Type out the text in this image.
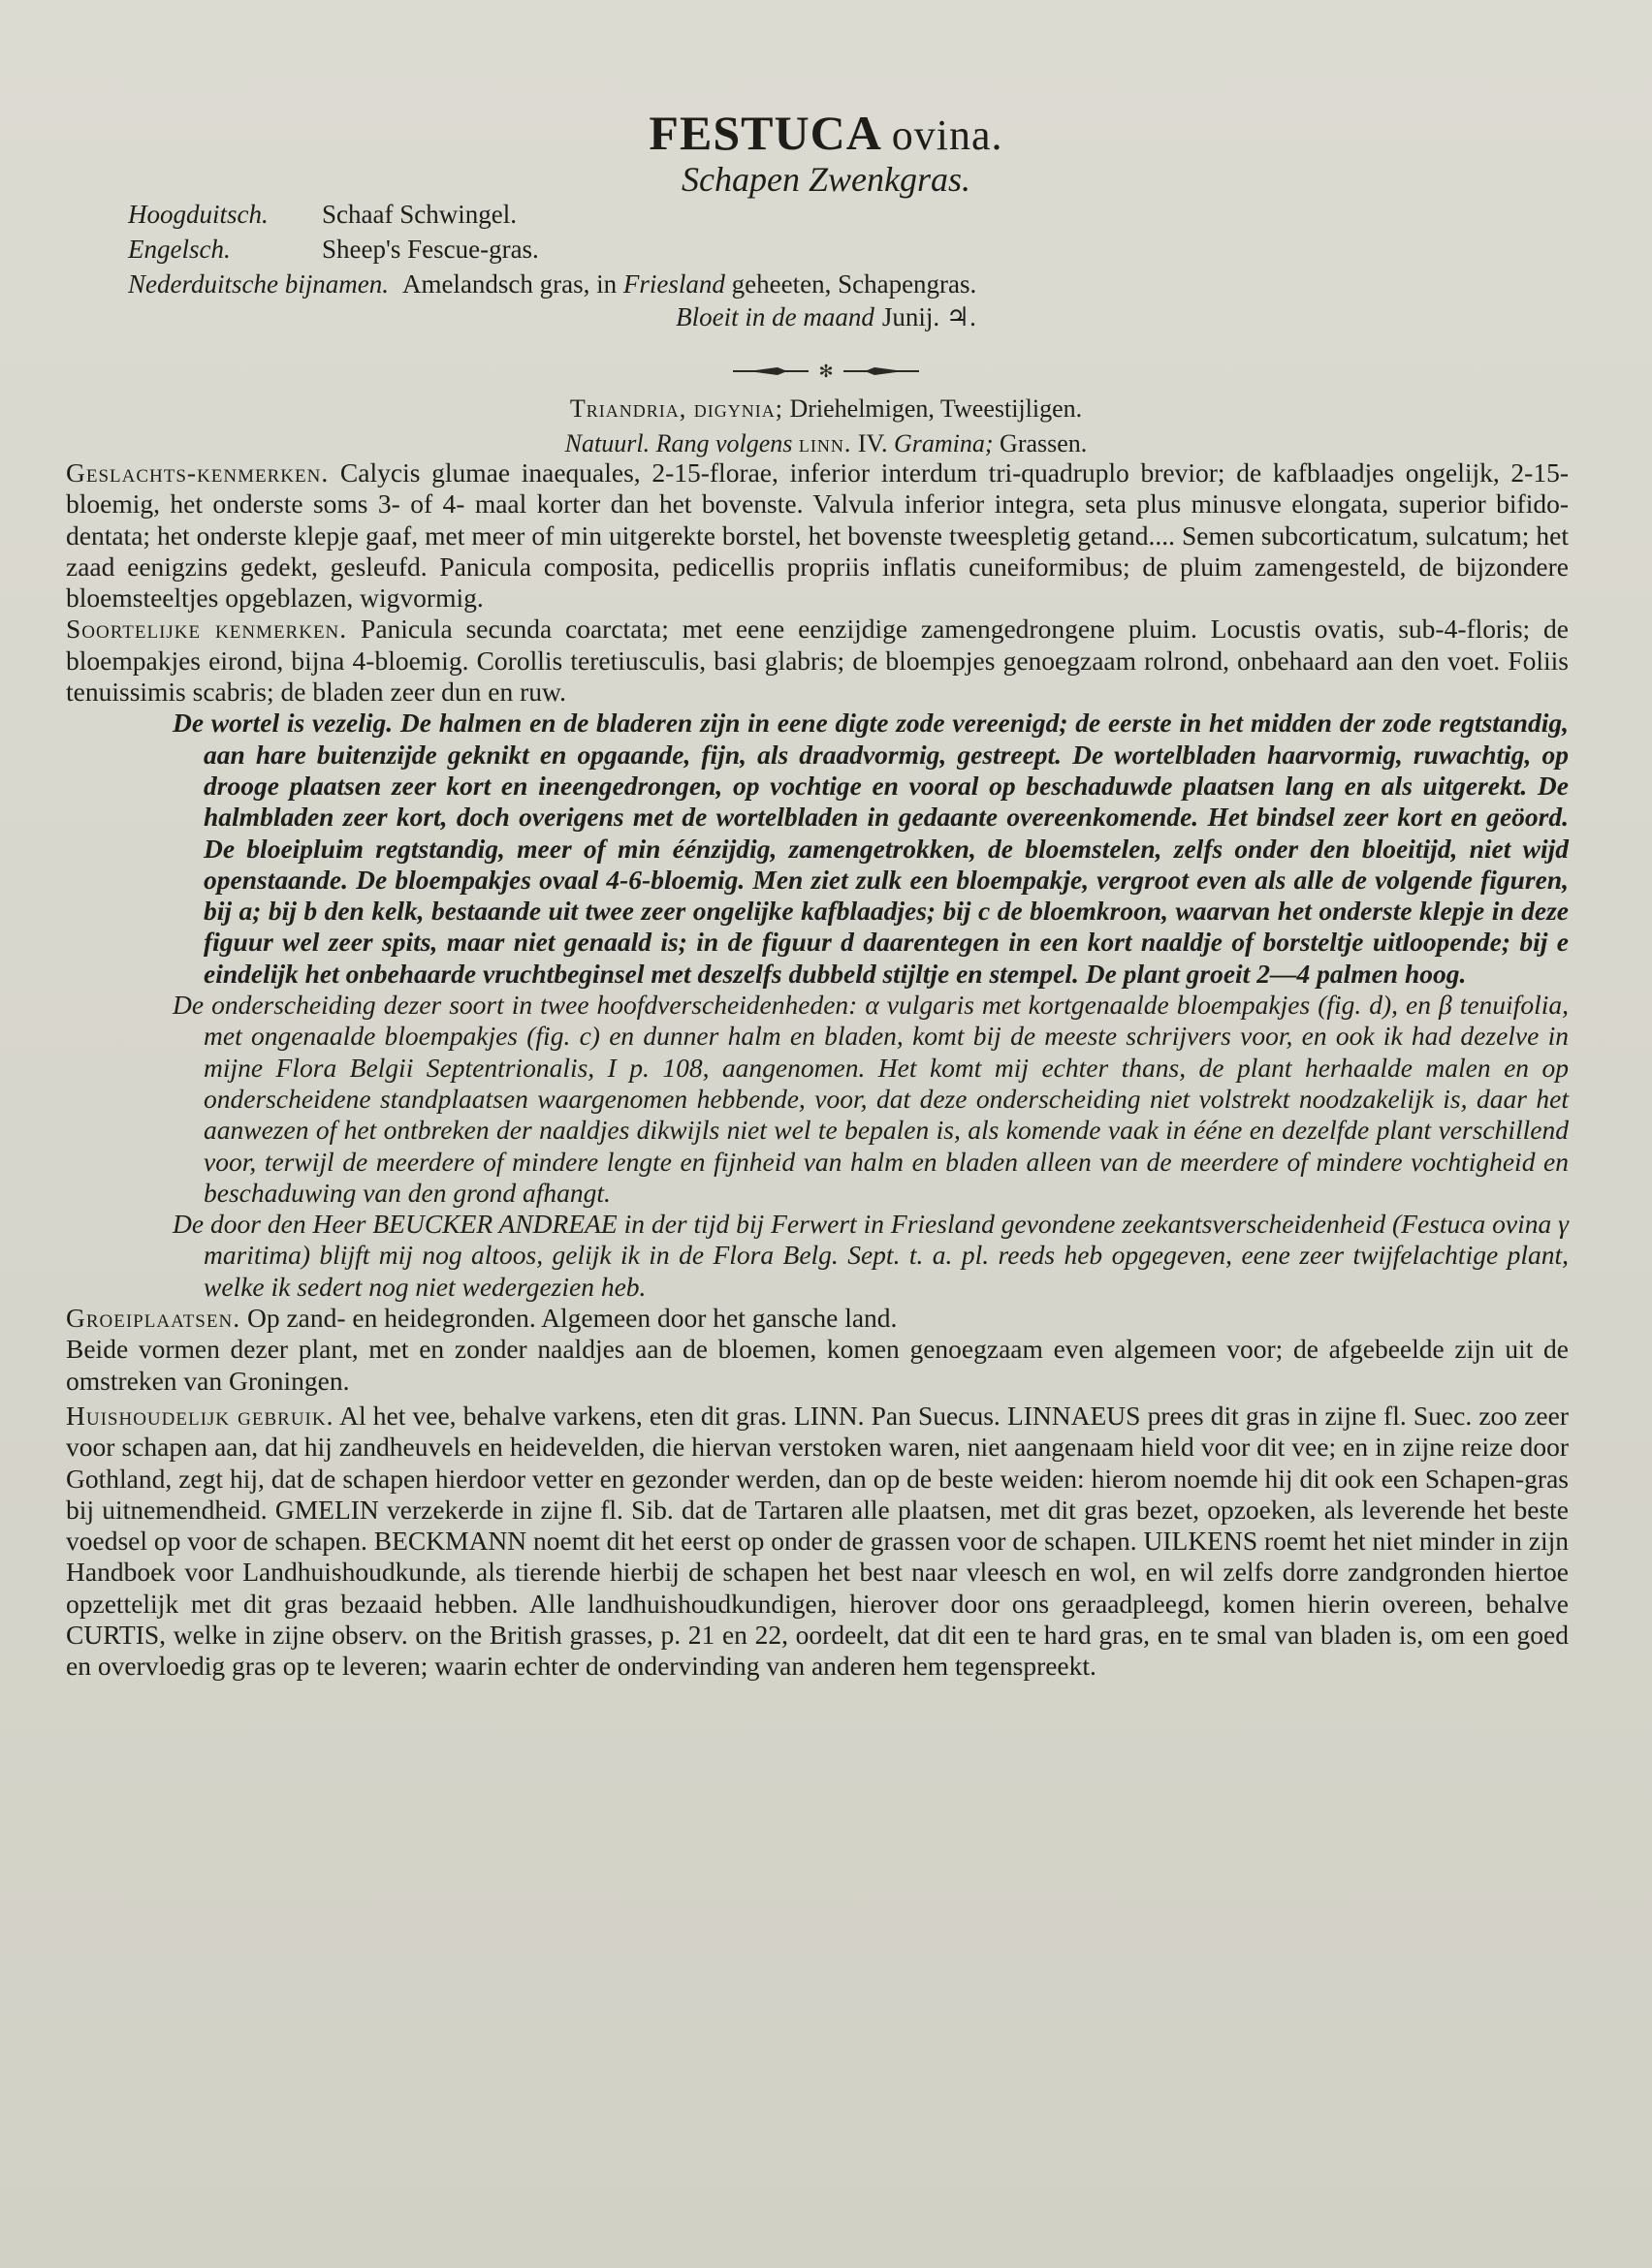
FESTUCA ovina.
Schapen Zwenkgras.
Hoogduitsch. Schaaf Schwingel.
Engelsch.	Sheep's Fescue-gras.
Nederduitsche bijnamen. Amelandsch gras, in Friesland geheeten, Schapengras.
Bloeit in de maand Junij. ♃.
✻
Triandria, digynia; Driehelmigen, Tweestijligen.
Natuurl. Rang volgens linn. IV. Gramina; Grassen.

Geslachts-kenmerken. Calycis glumae inaequales, 2-15-florae, inferior interdum tri-quadruplo brevior; de kafblaadjes ongelijk, 2-15-bloemig, het onderste soms 3- of 4- maal korter dan het bovenste. Valvula inferior integra, seta plus minusve elongata, superior bifido-dentata; het onderste klepje gaaf, met meer of min uitgerekte borstel, het bovenste tweespletig getand.... Semen subcorticatum, sulcatum; het zaad eenigzins gedekt, gesleufd. Panicula composita, pedicellis propriis inflatis cuneiformibus; de pluim zamengesteld, de bijzondere bloemsteeltjes opgeblazen, wigvormig.

Soortelijke kenmerken. Panicula secunda coarctata; met eene eenzijdige zamengedrongene pluim. Locustis ovatis, sub-4-floris; de bloempakjes eirond, bijna 4-bloemig. Corollis teretiusculis, basi glabris; de bloempjes genoegzaam rolrond, onbehaard aan den voet. Foliis tenuissimis scabris; de bladen zeer dun en ruw.

De wortel is vezelig. De halmen en de bladeren zijn in eene digte zode vereenigd; de eerste in het midden der zode regtstandig, aan hare buitenzijde geknikt en opgaande, fijn, als draadvormig, gestreept. De wortelbladen haarvormig, ruwachtig, op drooge plaatsen zeer kort en ineengedrongen, op vochtige en vooral op beschaduwde plaatsen lang en als uitgerekt. De halmbladen zeer kort, doch overigens met de wortelbladen in gedaante overeenkomende. Het bindsel zeer kort en geöord. De bloeipluim regtstandig, meer of min éénzijdig, zamengetrokken, de bloemstelen, zelfs onder den bloeitijd, niet wijd openstaande. De bloempakjes ovaal 4-6-bloemig. Men ziet zulk een bloempakje, vergroot even als alle de volgende figuren, bij a; bij b den kelk, bestaande uit twee zeer ongelijke kafblaadjes; bij c de bloemkroon, waarvan het onderste klepje in deze figuur wel zeer spits, maar niet genaald is; in de figuur d daarentegen in een kort naaldje of borsteltje uitloopende; bij e eindelijk het onbehaarde vruchtbeginsel met deszelfs dubbeld stijltje en stempel. De plant groeit 2—4 palmen hoog.

De onderscheiding dezer soort in twee hoofdverscheidenheden: α vulgaris met kortgenaalde bloempakjes (fig. d), en β tenuifolia, met ongenaalde bloempakjes (fig. c) en dunner halm en bladen, komt bij de meeste schrijvers voor, en ook ik had dezelve in mijne Flora Belgii Septentrionalis, I p. 108, aangenomen. Het komt mij echter thans, de plant herhaalde malen en op onderscheidene standplaatsen waargenomen hebbende, voor, dat deze onderscheiding niet volstrekt noodzakelijk is, daar het aanwezen of het ontbreken der naaldjes dikwijls niet wel te bepalen is, als komende vaak in ééne en dezelfde plant verschillend voor, terwijl de meerdere of mindere lengte en fijnheid van halm en bladen alleen van de meerdere of mindere vochtigheid en beschaduwing van den grond afhangt.

De door den Heer BEUCKER ANDREAE in der tijd bij Ferwert in Friesland gevondene zeekantsverscheidenheid (Festuca ovina γ maritima) blijft mij nog altoos, gelijk ik in de Flora Belg. Sept. t. a. pl. reeds heb opgegeven, eene zeer twijfelachtige plant, welke ik sedert nog niet wedergezien heb.

Groeiplaatsen. Op zand- en heidegronden. Algemeen door het gansche land.

Beide vormen dezer plant, met en zonder naaldjes aan de bloemen, komen genoegzaam even algemeen voor; de afgebeelde zijn uit de omstreken van Groningen.

Huishoudelijk gebruik. Al het vee, behalve varkens, eten dit gras. LINN. Pan Suecus. LINNAEUS prees dit gras in zijne fl. Suec. zoo zeer voor schapen aan, dat hij zandheuvels en heidevelden, die hiervan verstoken waren, niet aangenaam hield voor dit vee; en in zijne reize door Gothland, zegt hij, dat de schapen hierdoor vetter en gezonder werden, dan op de beste weiden: hierom noemde hij dit ook een Schapen-gras bij uitnemendheid. GMELIN verzekerde in zijne fl. Sib. dat de Tartaren alle plaatsen, met dit gras bezet, opzoeken, als leverende het beste voedsel op voor de schapen. BECKMANN noemt dit het eerst op onder de grassen voor de schapen. UILKENS roemt het niet minder in zijn Handboek voor Landhuishoudkunde, als tierende hierbij de schapen het best naar vleesch en wol, en wil zelfs dorre zandgronden hiertoe opzettelijk met dit gras bezaaid hebben. Alle landhuishoudkundigen, hierover door ons geraadpleegd, komen hierin overeen, behalve CURTIS, welke in zijne observ. on the British grasses, p. 21 en 22, oordeelt, dat dit een te hard gras, en te smal van bladen is, om een goed en overvloedig gras op te leveren; waarin echter de ondervinding van anderen hem tegenspreekt.
